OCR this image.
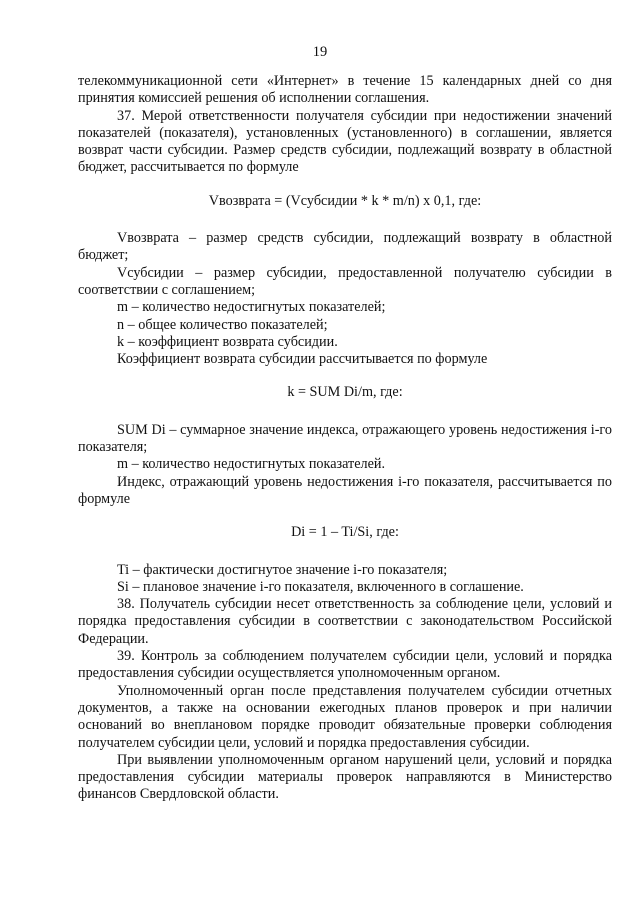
19

телекоммуникационной сети «Интернет» в течение 15 календарных дней со дня принятия комиссией решения об исполнении соглашения.

37. Мерой ответственности получателя субсидии при недостижении значений показателей (показателя), установленных (установленного) в соглашении, является возврат части субсидии. Размер средств субсидии, подлежащий возврату в областной бюджет, рассчитывается по формуле

Vвозврата = (Vсубсидии * k * m/n) x 0,1, где:

Vвозврата – размер средств субсидии, подлежащий возврату в областной бюджет;

Vсубсидии – размер субсидии, предоставленной получателю субсидии в соответствии с соглашением;

m – количество недостигнутых показателей;

n – общее количество показателей;

k – коэффициент возврата субсидии.

Коэффициент возврата субсидии рассчитывается по формуле

k = SUM Di/m, где:

SUM Di – суммарное значение индекса, отражающего уровень недостижения i-го показателя;

m – количество недостигнутых показателей.

Индекс, отражающий уровень недостижения i-го показателя, рассчитывается по формуле

Di = 1 – Ti/Si, где:

Ti – фактически достигнутое значение i-го показателя;

Si – плановое значение i-го показателя, включенного в соглашение.

38. Получатель субсидии несет ответственность за соблюдение цели, условий и порядка предоставления субсидии в соответствии с законодательством Российской Федерации.

39. Контроль за соблюдением получателем субсидии цели, условий и порядка предоставления субсидии осуществляется уполномоченным органом.

Уполномоченный орган после представления получателем субсидии отчетных документов, а также на основании ежегодных планов проверок и при наличии оснований во внеплановом порядке проводит обязательные проверки соблюдения получателем субсидии цели, условий и порядка предоставления субсидии.

При выявлении уполномоченным органом нарушений цели, условий и порядка предоставления субсидии материалы проверок направляются в Министерство финансов Свердловской области.
